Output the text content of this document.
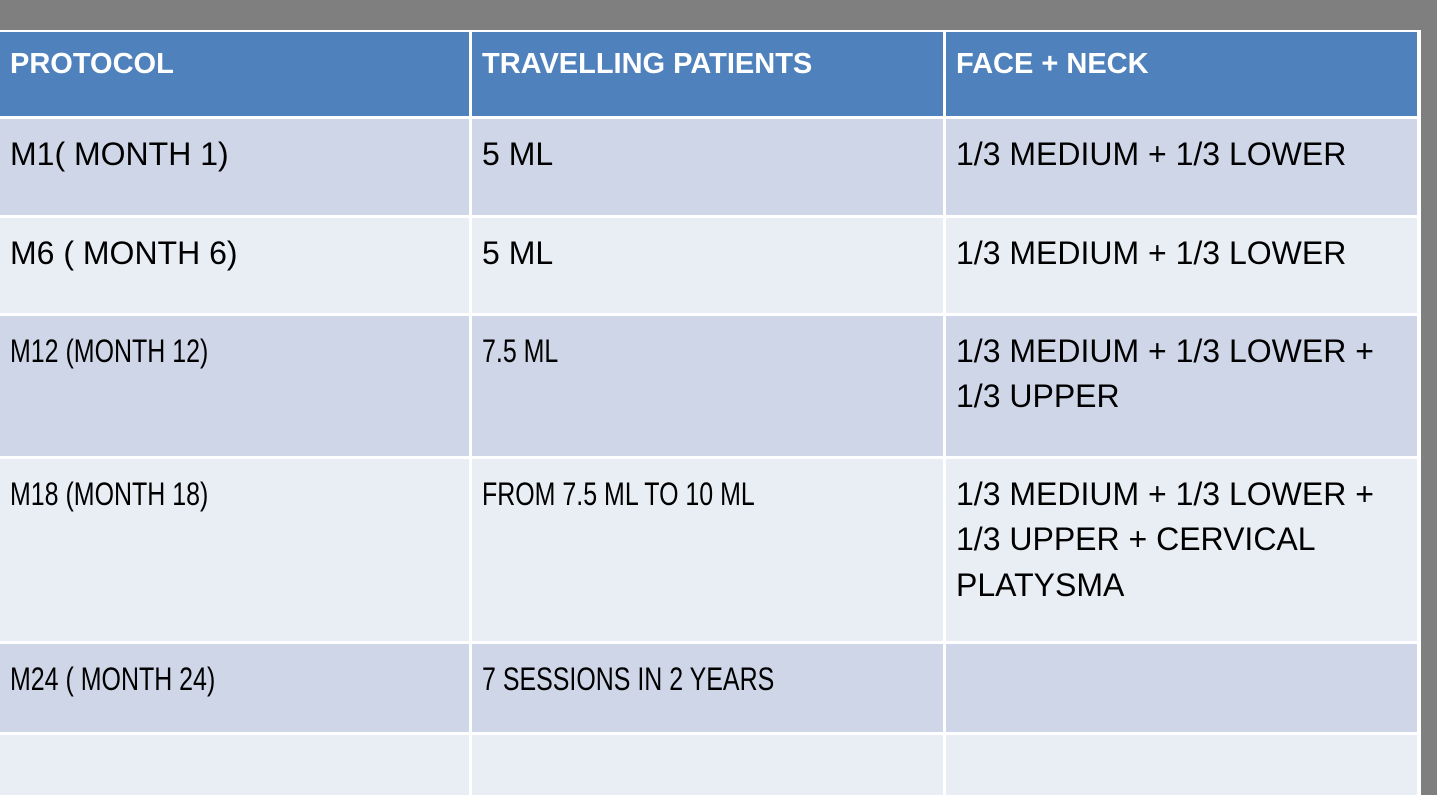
PROTOCOL	TRAVELLING PATIENTS	FACE + NECK
M1( MONTH 1)	5 ML	1/3 MEDIUM + 1/3 LOWER
M6 ( MONTH 6)	5 ML	1/3 MEDIUM + 1/3 LOWER
M12 (MONTH 12)	7.5 ML	1/3 MEDIUM + 1/3 LOWER + 1/3 UPPER
M18 (MONTH 18)	FROM 7.5 ML TO 10 ML	1/3 MEDIUM + 1/3 LOWER + 1/3 UPPER + CERVICAL PLATYSMA
M24 ( MONTH 24)	7 SESSIONS IN 2 YEARS
